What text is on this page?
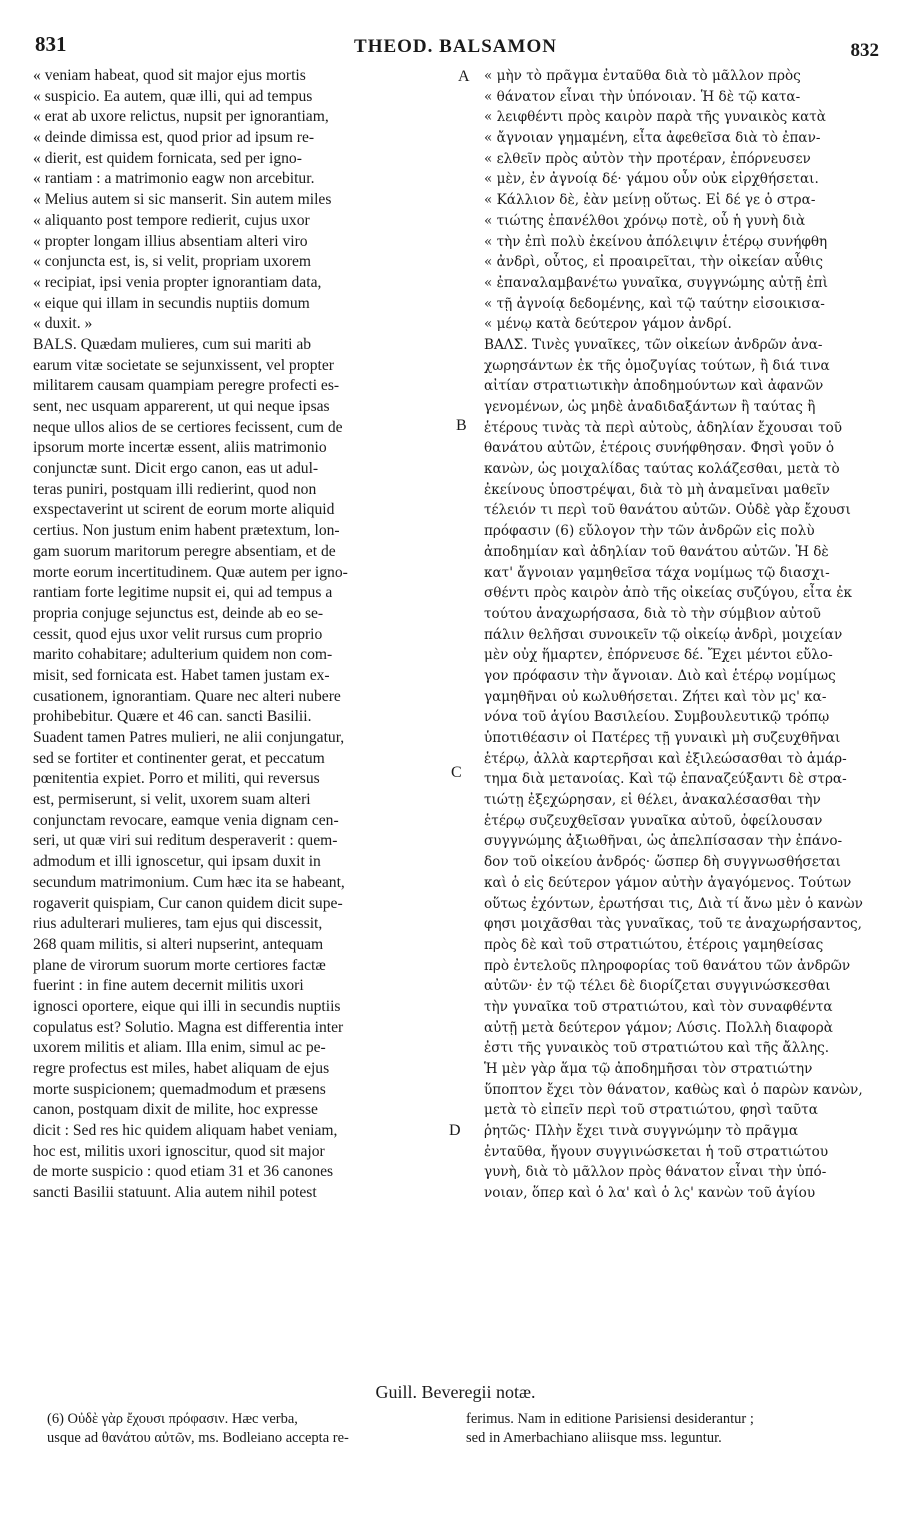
831	THEOD. BALSAMON	832
« veniam habeat, quod sit major ejus mortis
« suspicio. Ea autem, quæ illi, qui ad tempus
« erat ab uxore relictus, nupsit per ignorantiam,
« deinde dimissa est, quod prior ad ipsum re-
« dierit, est quidem fornicata, sed per igno-
« rantiam : a matrimonio eagw non arcebitur.
« Melius autem si sic manserit. Sin autem miles
« aliquanto post tempore redierit, cujus uxor
« propter longam illius absentiam alteri viro
« conjuncta est, is, si velit, propriam uxorem
« recipiat, ipsi venia propter ignorantiam data,
« eique qui illam in secundis nuptiis domum
« duxit. »
BALS. Quædam mulieres, cum sui mariti ab
earum vitæ societate se sejunxissent, vel propter
militarem causam quampiam peregre profecti es-
sent, nec usquam apparerent, ut qui neque ipsas
neque ullos alios de se certiores fecissent, cum de
ipsorum morte incertæ essent, aliis matrimonio
conjunctæ sunt. Dicit ergo canon, eas ut adul-
teras puniri, postquam illi redierint, quod non
exspectaverint ut scirent de eorum morte aliquid
certius. Non justum enim habent prætextum, lon-
gam suorum maritorum peregre absentiam, et de
morte eorum incertitudinem. Quæ autem per igno-
rantiam forte legitime nupsit ei, qui ad tempus a
propria conjuge sejunctus est, deinde ab eo se-
cessit, quod ejus uxor velit rursus cum proprio
marito cohabitare; adulterium quidem non com-
misit, sed fornicata est. Habet tamen justam ex-
cusationem, ignorantiam. Quare nec alteri nubere
prohibebitur. Quære et 46 can. sancti Basilii.
Suadent tamen Patres mulieri, ne alii conjungatur,
sed se fortiter et continenter gerat, et peccatum
pœnitentia expiet. Porro et militi, qui reversus
est, permiserunt, si velit, uxorem suam alteri
conjunctam revocare, eamque venia dignam cen-
seri, ut quæ viri sui reditum desperaverit : quem-
admodum et illi ignoscetur, qui ipsam duxit in
secundum matrimonium. Cum hæc ita se habeant,
rogaverit quispiam, Cur canon quidem dicit supe-
rius adulterari mulieres, tam ejus qui discessit,
268 quam militis, si alteri nupserint, antequam
plane de virorum suorum morte certiores factæ
fuerint : in fine autem decernit militis uxori
ignosci oportere, eique qui illi in secundis nuptiis
copulatus est? Solutio. Magna est differentia inter
uxorem militis et aliam. Illa enim, simul ac pe-
regre profectus est miles, habet aliquam de ejus
morte suspicionem; quemadmodum et præsens
canon, postquam dixit de milite, hoc expresse
dicit : Sed res hic quidem aliquam habet veniam,
hoc est, militis uxori ignoscitur, quod sit major
de morte suspicio : quod etiam 31 et 36 canones
sancti Basilii statuunt. Alia autem nihil potest
« μὴν τὸ πρᾶγμα ἐνταῦθα διὰ τὸ μᾶλλον πρὸς
« θάνατον εἶναι τὴν ὑπόνοιαν. Ἡ δὲ τῷ κατα-
« λειφθέντι πρὸς καιρὸν παρὰ τῆς γυναικὸς κατὰ
« ἄγνοιαν γημαμένη, εἶτα ἀφεθεῖσα διὰ τὸ ἐπαν-
« ελθεῖν πρὸς αὐτὸν τὴν προτέραν, ἐπόρνευσεν
« μὲν, ἐν ἀγνοίᾳ δέ· γάμου οὖν οὐκ εἰρχθήσεται.
« Κάλλιον δὲ, ἐὰν μείνῃ οὕτως. Εἰ δέ γε ὁ στρα-
« τιώτης ἐπανέλθοι χρόνῳ ποτὲ, οὗ ἡ γυνὴ διὰ
« τὴν ἐπὶ πολὺ ἐκείνου ἀπόλειψιν ἑτέρῳ συνήφθη
« ἀνδρὶ, οὗτος, εἰ προαιρεῖται, τὴν οἰκείαν αὖθις
« ἐπαναλαμβανέτω γυναῖκα, συγγνώμης αὐτῇ ἐπὶ
« τῇ ἀγνοίᾳ δεδομένης, καὶ τῷ ταύτην εἰσοικισα-
« μένῳ κατὰ δεύτερον γάμον ἀνδρί.
ΒΑΛΣ. Τινὲς γυναῖκες, τῶν οἰκείων ἀνδρῶν ἀνα-
χωρησάντων ἐκ τῆς ὁμοζυγίας τούτων, ἢ διά τινα
αἰτίαν στρατιωτικὴν ἀποδημούντων καὶ ἀφανῶν
γενομένων, ὡς μηδὲ ἀναδιδαξάντων ἢ ταύτας ἢ
ἑτέρους τινὰς τὰ περὶ αὐτοὺς, ἀδηλίαν ἔχουσαι τοῦ
θανάτου αὐτῶν, ἑτέροις συνήφθησαν. Φησὶ γοῦν ὁ
κανὼν, ὡς μοιχαλίδας ταύτας κολάζεσθαι, μετὰ τὸ
ἐκείνους ὑποστρέψαι, διὰ τὸ μὴ ἀναμεῖναι μαθεῖν
τέλειόν τι περὶ τοῦ θανάτου αὐτῶν. Οὐδὲ γὰρ ἔχουσι
πρόφασιν (6) εὔλογον τὴν τῶν ἀνδρῶν εἰς πολὺ
ἀποδημίαν καὶ ἀδηλίαν τοῦ θανάτου αὐτῶν. Ἡ δὲ
κατ' ἄγνοιαν γαμηθεῖσα τάχα νομίμως τῷ διασχι-
σθέντι πρὸς καιρὸν ἀπὸ τῆς οἰκείας συζύγου, εἶτα ἐκ
τούτου ἀναχωρήσασα, διὰ τὸ τὴν σύμβιον αὐτοῦ
πάλιν θελῆσαι συνοικεῖν τῷ οἰκείῳ ἀνδρὶ, μοιχείαν
μὲν οὐχ ἥμαρτεν, ἐπόρνευσε δέ. Ἔχει μέντοι εὔλο-
γον πρόφασιν τὴν ἄγνοιαν. Διὸ καὶ ἑτέρῳ νομίμως
γαμηθῆναι οὐ κωλυθήσεται. Ζήτει καὶ τὸν μς' κα-
νόνα τοῦ ἁγίου Βασιλείου. Συμβουλευτικῷ τρόπῳ
ὑποτιθέασιν οἱ Πατέρες τῇ γυναικὶ μὴ συζευχθῆναι
ἑτέρῳ, ἀλλὰ καρτερῆσαι καὶ ἐξιλεώσασθαι τὸ ἁμάρ-
τημα διὰ μετανοίας. Καὶ τῷ ἐπαναζεύξαντι δὲ στρα-
τιώτῃ ἐξεχώρησαν, εἰ θέλει, ἀνακαλέσασθαι τὴν
ἑτέρῳ συζευχθεῖσαν γυναῖκα αὐτοῦ, ὀφείλουσαν
συγγνώμης ἀξιωθῆναι, ὡς ἀπελπίσασαν τὴν ἐπάνο-
δον τοῦ οἰκείου ἀνδρός· ὥσπερ δὴ συγγνωσθήσεται
καὶ ὁ εἰς δεύτερον γάμον αὐτὴν ἀγαγόμενος. Τούτων
οὕτως ἐχόντων, ἐρωτήσαι τις, Διὰ τί ἄνω μὲν ὁ κανὼν
φησι μοιχᾶσθαι τὰς γυναῖκας, τοῦ τε ἀναχωρήσαντος,
πρὸς δὲ καὶ τοῦ στρατιώτου, ἑτέροις γαμηθείσας
πρὸ ἐντελοῦς πληροφορίας τοῦ θανάτου τῶν ἀνδρῶν
αὐτῶν· ἐν τῷ τέλει δὲ διορίζεται συγγινώσκεσθαι
τὴν γυναῖκα τοῦ στρατιώτου, καὶ τὸν συναφθέντα
αὐτῇ μετὰ δεύτερον γάμον; Λύσις. Πολλὴ διαφορὰ
ἐστι τῆς γυναικὸς τοῦ στρατιώτου καὶ τῆς ἄλλης.
Ἡ μὲν γὰρ ἅμα τῷ ἀποδημῆσαι τὸν στρατιώτην
ὕποπτον ἔχει τὸν θάνατον, καθὼς καὶ ὁ παρὼν κανὼν,
μετὰ τὸ εἰπεῖν περὶ τοῦ στρατιώτου, φησὶ ταῦτα
ῥητῶς· Πλὴν ἔχει τινὰ συγγνώμην τὸ πρᾶγμα
ἐνταῦθα, ἤγουν συγγινώσκεται ἡ τοῦ στρατιώτου
γυνὴ, διὰ τὸ μᾶλλον πρὸς θάνατον εἶναι τὴν ὑπό-
νοιαν, ὅπερ καὶ ὁ λα' καὶ ὁ λς' κανὼν τοῦ ἁγίου
A
B
C
D
Guill. Beveregii notæ.
(6) Οὐδὲ γὰρ ἔχουσι πρόφασιν. Hæc verba,
usque ad θανάτου αὐτῶν, ms. Bodleiano accepta re-
ferimus. Nam in editione Parisiensi desiderantur ;
sed in Amerbachiano aliisque mss. leguntur.
